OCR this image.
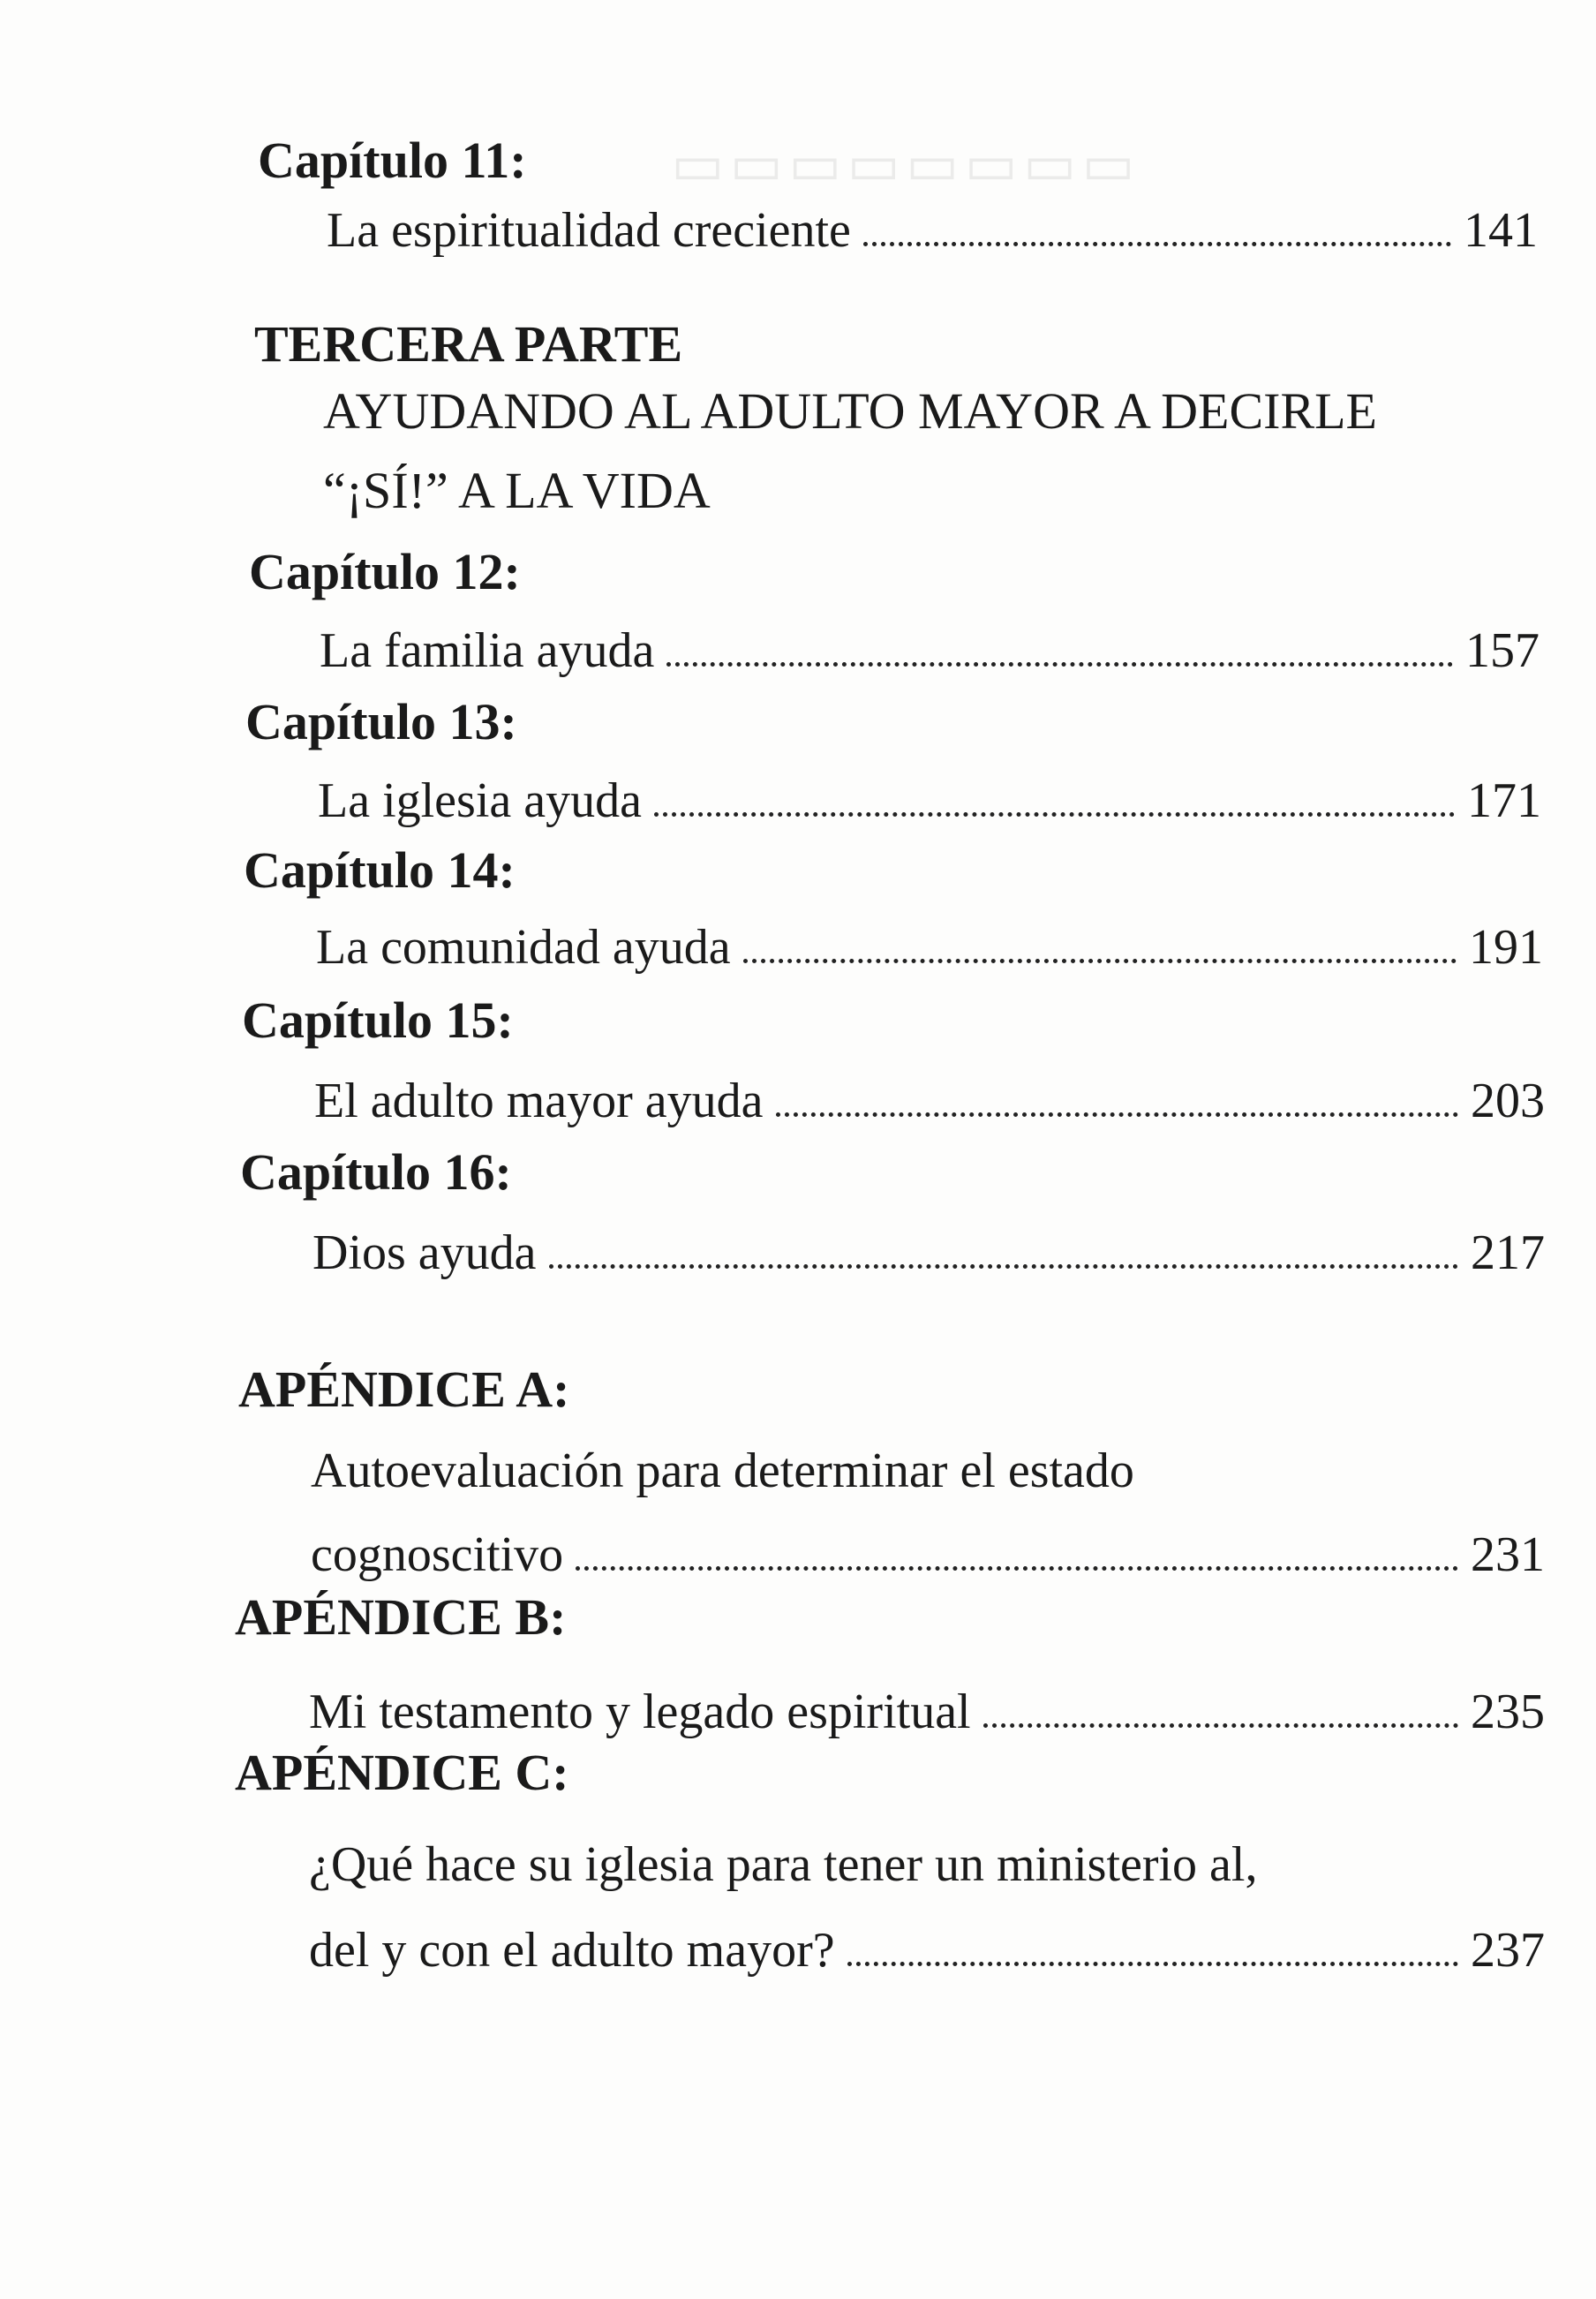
▭▭▭▭▭▭▭▭
Capítulo 11:
La espiritualidad creciente	141
TERCERA PARTE
AYUDANDO AL ADULTO MAYOR A DECIRLE
“¡SÍ!” A LA VIDA
Capítulo 12:
La familia ayuda	157
Capítulo 13:
La iglesia ayuda	171
Capítulo 14:
La comunidad ayuda	191
Capítulo 15:
El adulto mayor ayuda	203
Capítulo 16:
Dios ayuda	217
APÉNDICE A:
Autoevaluación para determinar el estado
cognoscitivo	231
APÉNDICE B:
Mi testamento y legado espiritual	235
APÉNDICE C:
¿Qué hace su iglesia para tener un ministerio al,
del y con el adulto mayor?	237
